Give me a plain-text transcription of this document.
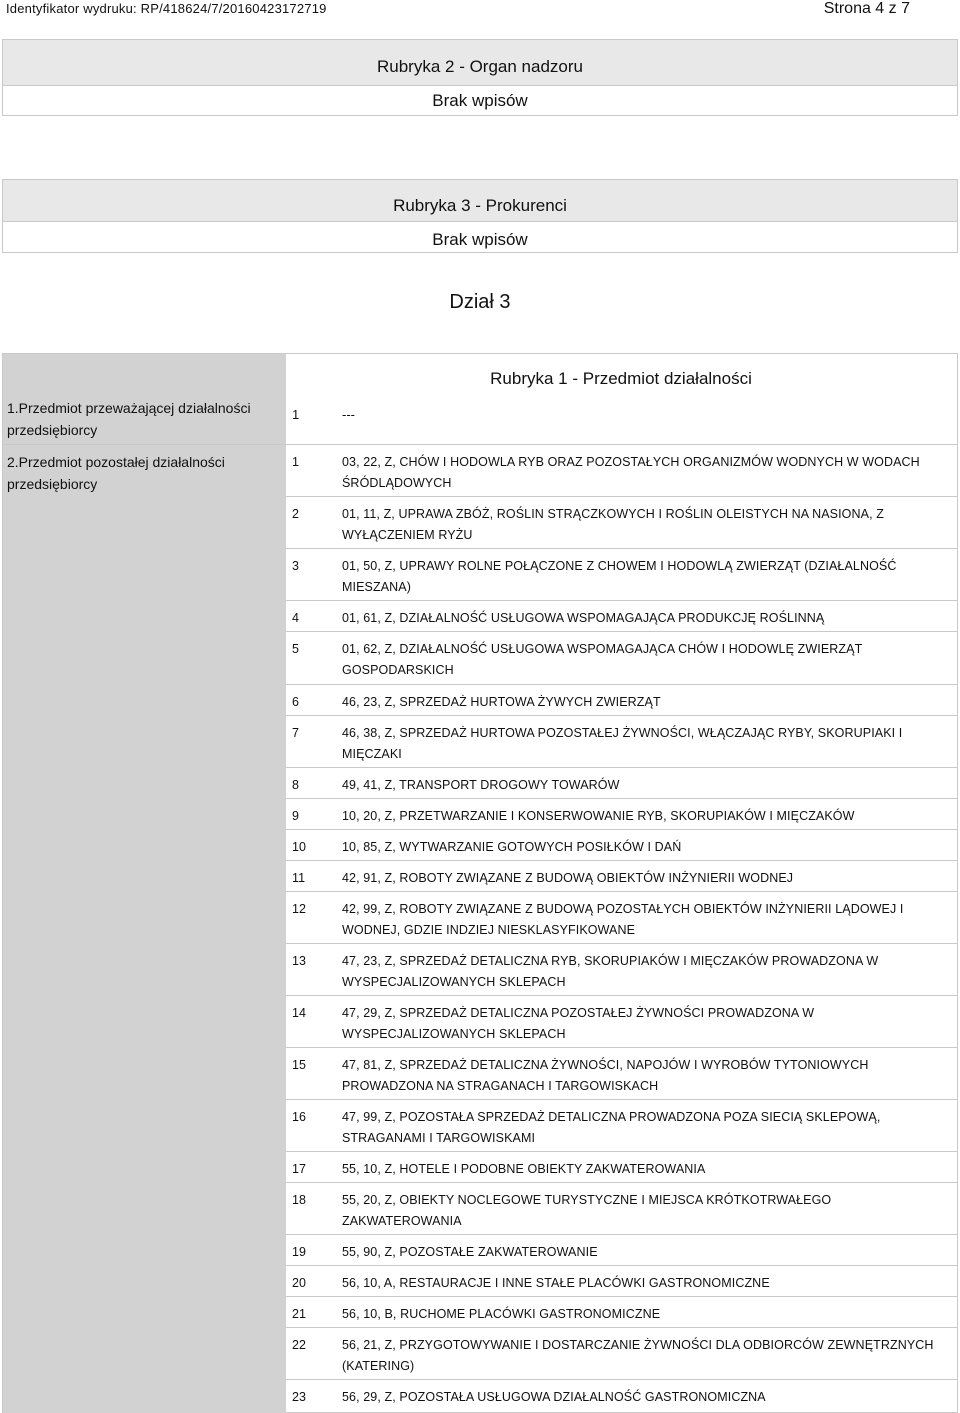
Identyfikator wydruku: RP/418624/7/20160423172719	Strona 4 z 7
Rubryka 2 - Organ nadzoru
Brak wpisów
Rubryka 3 - Prokurenci
Brak wpisów
Dział 3
Rubryka 1 - Przedmiot działalności
1.Przedmiot przeważającej działalności przedsiębiorcy
2.Przedmiot pozostałej działalności przedsiębiorcy
1	---
1	03, 22, Z, CHÓW I HODOWLA RYB ORAZ POZOSTAŁYCH ORGANIZMÓW WODNYCH W WODACH ŚRÓDLĄDOWYCH
2	01, 11, Z, UPRAWA ZBÓŻ, ROŚLIN STRĄCZKOWYCH I ROŚLIN OLEISTYCH NA NASIONA, Z WYŁĄCZENIEM RYŻU
3	01, 50, Z, UPRAWY ROLNE POŁĄCZONE Z CHOWEM I HODOWLĄ ZWIERZĄT (DZIAŁALNOŚĆ MIESZANA)
4	01, 61, Z, DZIAŁALNOŚĆ USŁUGOWA WSPOMAGAJĄCA PRODUKCJĘ ROŚLINNĄ
5	01, 62, Z, DZIAŁALNOŚĆ USŁUGOWA WSPOMAGAJĄCA CHÓW I HODOWLĘ ZWIERZĄT GOSPODARSKICH
6	46, 23, Z, SPRZEDAŻ HURTOWA ŻYWYCH ZWIERZĄT
7	46, 38, Z, SPRZEDAŻ HURTOWA POZOSTAŁEJ ŻYWNOŚCI, WŁĄCZAJĄC RYBY, SKORUPIAKI I MIĘCZAKI
8	49, 41, Z, TRANSPORT DROGOWY TOWARÓW
9	10, 20, Z, PRZETWARZANIE I KONSERWOWANIE RYB, SKORUPIAKÓW I MIĘCZAKÓW
10	10, 85, Z, WYTWARZANIE GOTOWYCH POSIŁKÓW I DAŃ
11	42, 91, Z, ROBOTY ZWIĄZANE Z BUDOWĄ OBIEKTÓW INŻYNIERII WODNEJ
12	42, 99, Z, ROBOTY ZWIĄZANE Z BUDOWĄ POZOSTAŁYCH OBIEKTÓW INŻYNIERII LĄDOWEJ I WODNEJ, GDZIE INDZIEJ NIESKLASYFIKOWANE
13	47, 23, Z, SPRZEDAŻ DETALICZNA RYB, SKORUPIAKÓW I MIĘCZAKÓW PROWADZONA W WYSPECJALIZOWANYCH SKLEPACH
14	47, 29, Z, SPRZEDAŻ DETALICZNA POZOSTAŁEJ ŻYWNOŚCI PROWADZONA W WYSPECJALIZOWANYCH SKLEPACH
15	47, 81, Z, SPRZEDAŻ DETALICZNA ŻYWNOŚCI, NAPOJÓW I WYROBÓW TYTONIOWYCH PROWADZONA NA STRAGANACH I TARGOWISKACH
16	47, 99, Z, POZOSTAŁA SPRZEDAŻ DETALICZNA PROWADZONA POZA SIECIĄ SKLEPOWĄ, STRAGANAMI I TARGOWISKAMI
17	55, 10, Z, HOTELE I PODOBNE OBIEKTY ZAKWATEROWANIA
18	55, 20, Z, OBIEKTY NOCLEGOWE TURYSTYCZNE I MIEJSCA KRÓTKOTRWAŁEGO ZAKWATEROWANIA
19	55, 90, Z, POZOSTAŁE ZAKWATEROWANIE
20	56, 10, A, RESTAURACJE I INNE STAŁE PLACÓWKI GASTRONOMICZNE
21	56, 10, B, RUCHOME PLACÓWKI GASTRONOMICZNE
22	56, 21, Z, PRZYGOTOWYWANIE I DOSTARCZANIE ŻYWNOŚCI DLA ODBIORCÓW ZEWNĘTRZNYCH (KATERING)
23	56, 29, Z, POZOSTAŁA USŁUGOWA DZIAŁALNOŚĆ GASTRONOMICZNA
